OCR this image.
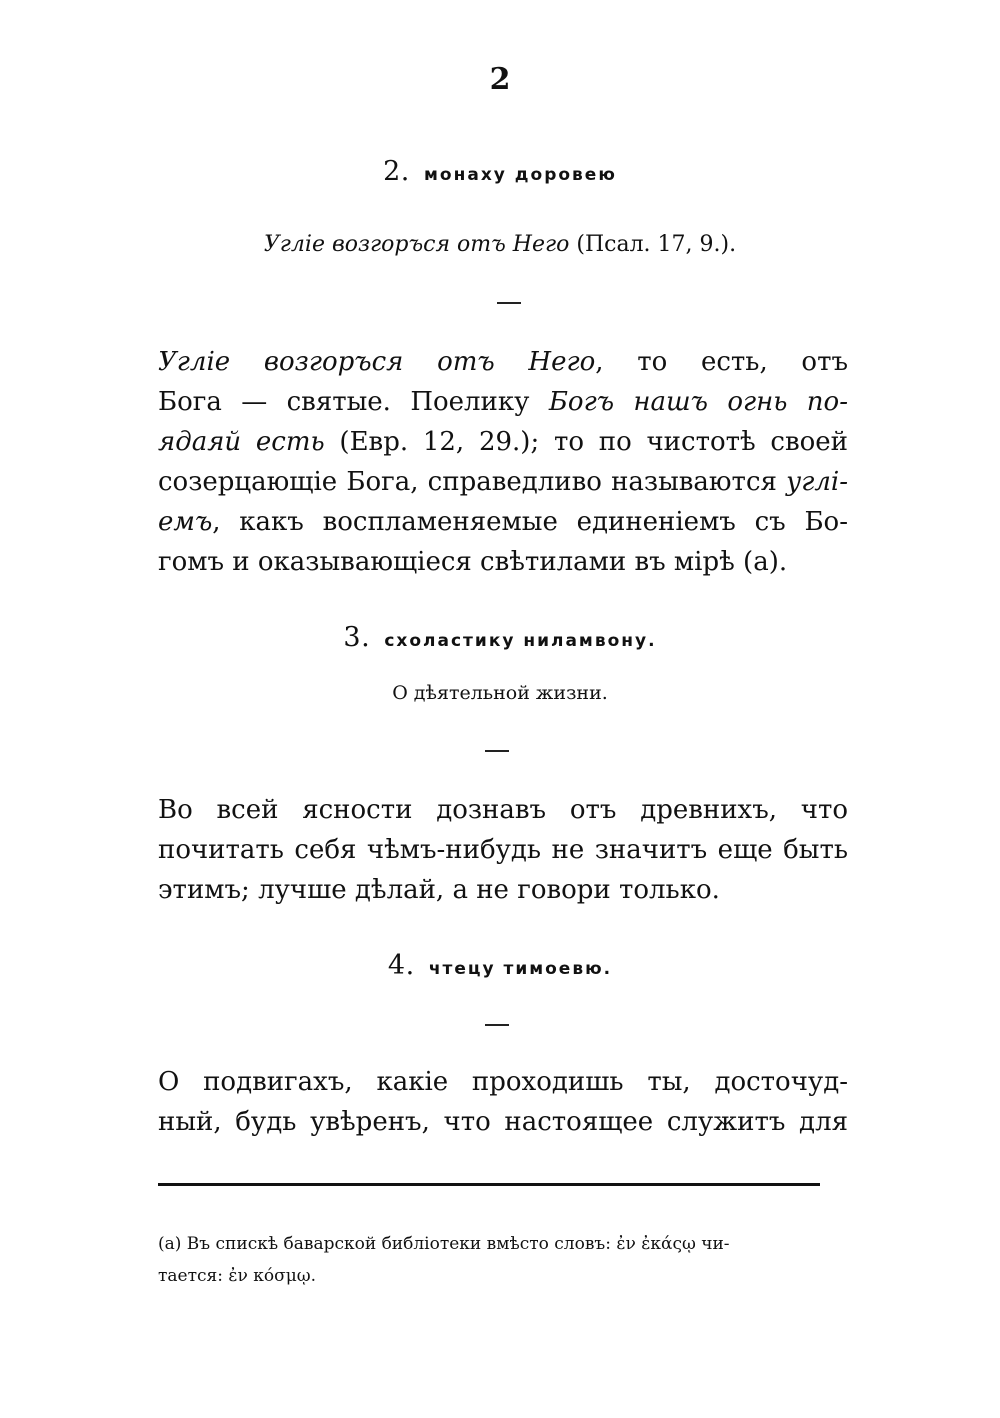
2
2. монаху доровею
Углie возгоръся отъ Него (Псал. 17, 9.).
Углie возгоръся отъ Него, то есть, отъ
Бога — святые. Поелику Богъ нашъ огнь по-
ядаяй есть (Евр. 12, 29.); то по чистотѣ своей
созерцающie Бога, справедливо называются углi-
емъ, какъ воспламеняемые единенiемъ съ Бо-
гомъ и оказывающiеся свѣтилами въ мiрѣ (а).
3. схоластику ниламвону.
О дѣятельной жизни.
Во всей ясности дознавъ отъ древнихъ, что
почитать себя чѣмъ-нибудь не значитъ еще быть
этимъ; лучше дѣлай, а не говори только.
4. чтецу тимоевю.
О подвигахъ, какiе проходишь ты, досточуд-
ный, будь увѣренъ, что настоящее служитъ для
(а) Въ спискѣ баварской библiотеки вмѣсто словъ: ἐν ἐκάςῳ чи-
тается: ἐν κόσμῳ.
